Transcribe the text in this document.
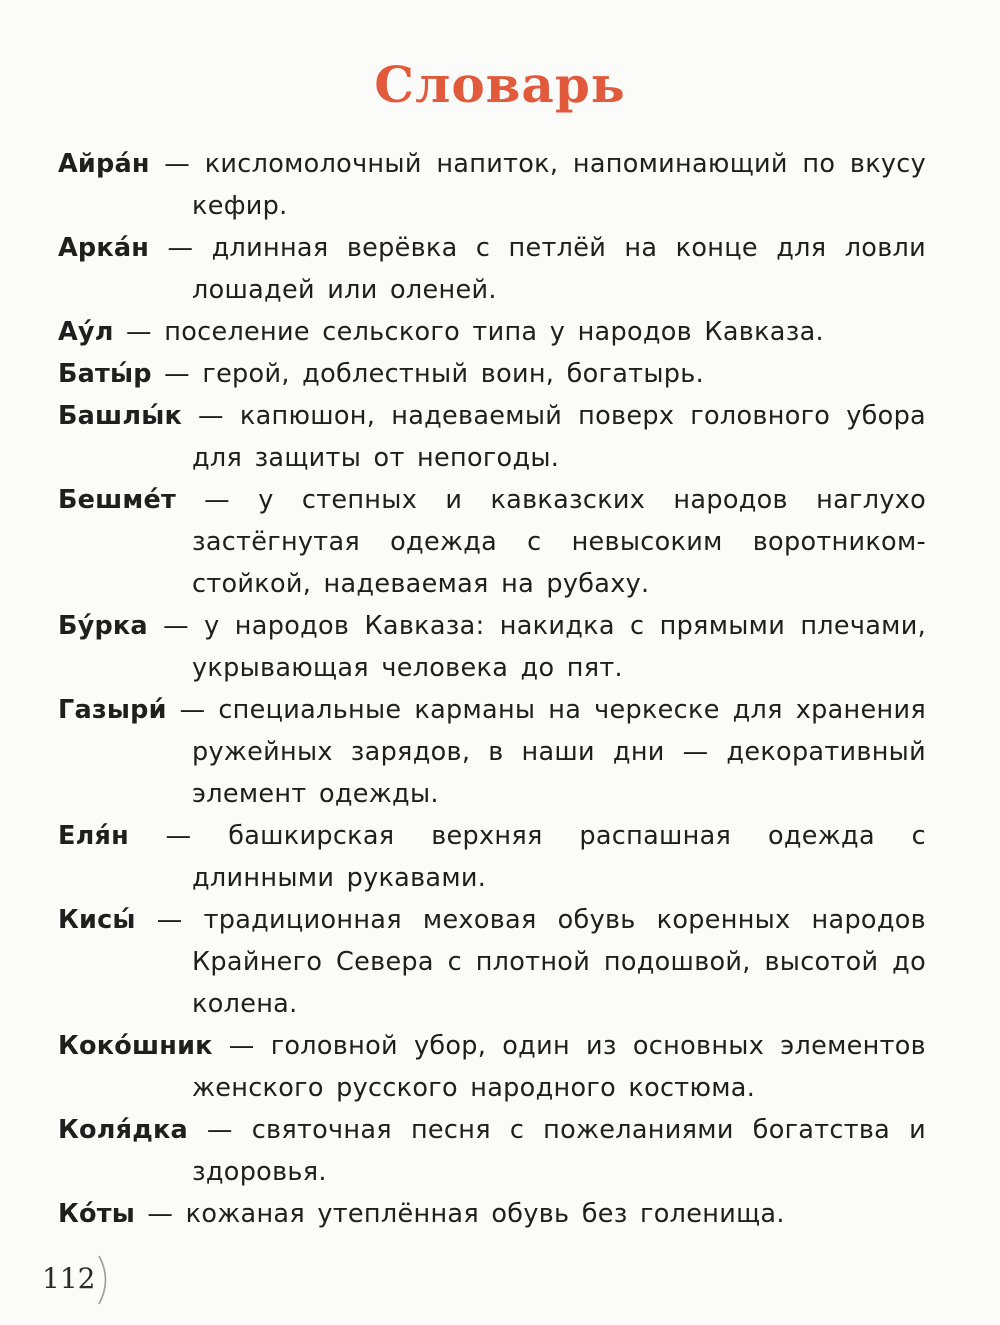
Словарь

Айра́н — кисломолочный напиток, напоминающий по вкусу кефир.

Арка́н — длинная верёвка с петлёй на конце для ловли лошадей или оленей.

Ау́л — поселение сельского типа у народов Кавказа.

Баты́р — герой, доблестный воин, богатырь.

Башлы́к — капюшон, надеваемый поверх головного убора для защиты от непогоды.

Бешме́т — у степных и кавказских народов наглухо застёгнутая одежда с невысоким воротником-стойкой, надеваемая на рубаху.

Бу́рка — у народов Кавказа: накидка с прямыми плечами, укрывающая человека до пят.

Газыри́ — специальные карманы на черкеске для хранения ружейных зарядов, в наши дни — декоративный элемент одежды.

Еля́н — башкирская верхняя распашная одежда с длинными рукавами.

Кисы́ — традиционная меховая обувь коренных народов Крайнего Севера с плотной подошвой, высотой до колена.

Коко́шник — головной убор, один из основных элементов женского русского народного костюма.

Коля́дка — святочная песня с пожеланиями богатства и здоровья.

Ко́ты — кожаная утеплённая обувь без голенища.

112
